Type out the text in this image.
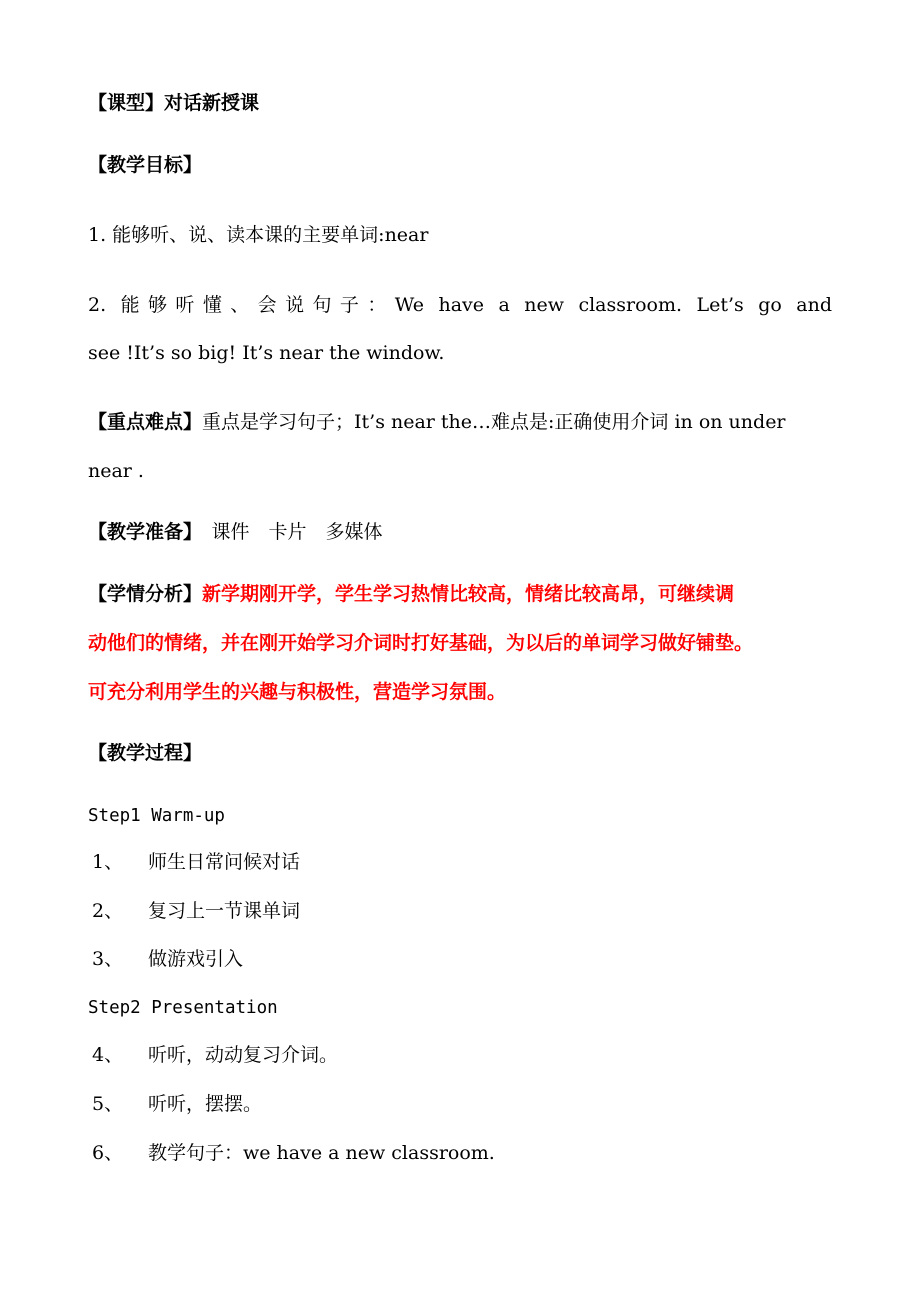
【课型】对话新授课
【教学目标】
1. 能够听、说、读本课的主要单词:near
2. 能够听懂、会说句子：We have a new classroom. Let’s go and
see !It’s so big! It’s near the window.
【重点难点】重点是学习句子；It’s near the…难点是:正确使用介词 in on under
near .
【教学准备】　 课件　卡片　多媒体
【学情分析】新学期刚开学，学生学习热情比较高，情绪比较高昂，可继续调
动他们的情绪，并在刚开始学习介词时打好基础，为以后的单词学习做好铺垫。
可充分利用学生的兴趣与积极性，营造学习氛围。
【教学过程】
Step1 Warm-up
1、 师生日常问候对话
2、 复习上一节课单词
3、 做游戏引入
Step2 Presentation
4、 听听，动动复习介词。
5、 听听，摆摆。
6、 教学句子：we have a new classroom.
